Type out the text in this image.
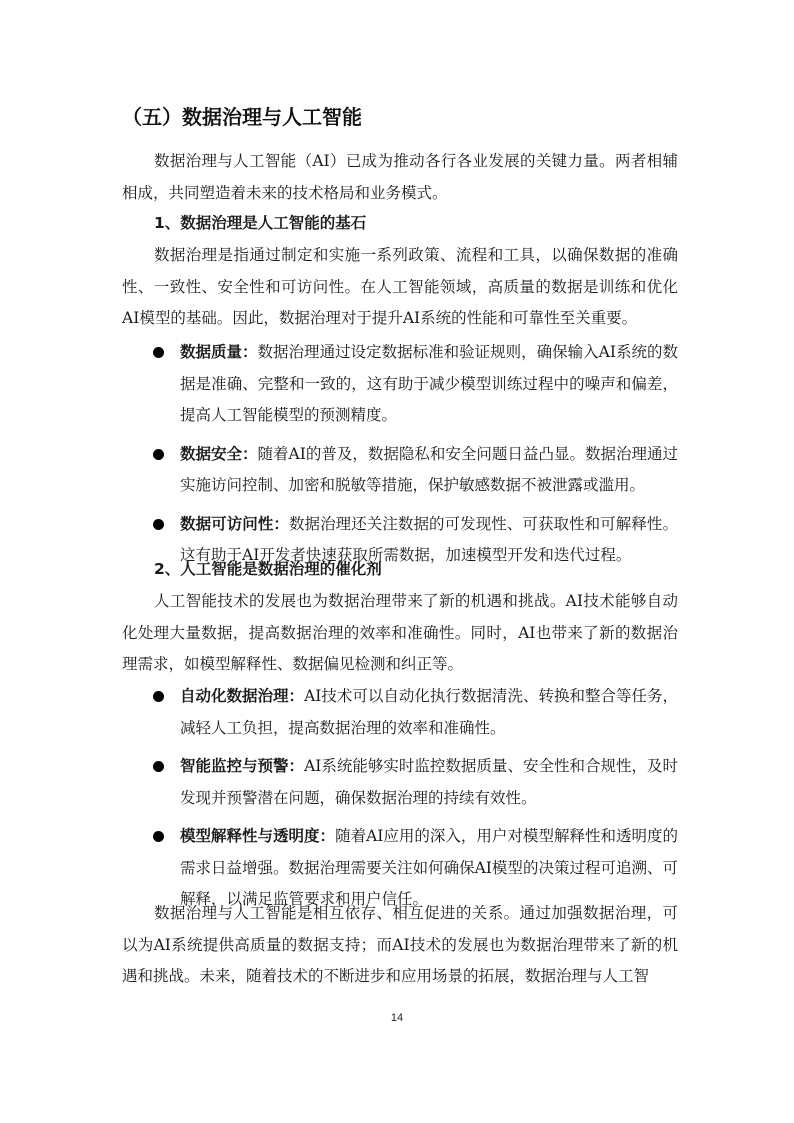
（五）数据治理与人工智能

数据治理与人工智能（AI）已成为推动各行各业发展的关键力量。两者相辅相成，共同塑造着未来的技术格局和业务模式。

1、数据治理是人工智能的基石

数据治理是指通过制定和实施一系列政策、流程和工具，以确保数据的准确性、一致性、安全性和可访问性。在人工智能领域，高质量的数据是训练和优化AI模型的基础。因此，数据治理对于提升AI系统的性能和可靠性至关重要。

数据质量：数据治理通过设定数据标准和验证规则，确保输入AI系统的数据是准确、完整和一致的，这有助于减少模型训练过程中的噪声和偏差，提高人工智能模型的预测精度。
数据安全：随着AI的普及，数据隐私和安全问题日益凸显。数据治理通过实施访问控制、加密和脱敏等措施，保护敏感数据不被泄露或滥用。
数据可访问性：数据治理还关注数据的可发现性、可获取性和可解释性。这有助于AI开发者快速获取所需数据，加速模型开发和迭代过程。

2、人工智能是数据治理的催化剂

人工智能技术的发展也为数据治理带来了新的机遇和挑战。AI技术能够自动化处理大量数据，提高数据治理的效率和准确性。同时，AI也带来了新的数据治理需求，如模型解释性、数据偏见检测和纠正等。

自动化数据治理：AI技术可以自动化执行数据清洗、转换和整合等任务，减轻人工负担，提高数据治理的效率和准确性。
智能监控与预警：AI系统能够实时监控数据质量、安全性和合规性，及时发现并预警潜在问题，确保数据治理的持续有效性。
模型解释性与透明度：随着AI应用的深入，用户对模型解释性和透明度的需求日益增强。数据治理需要关注如何确保AI模型的决策过程可追溯、可解释，以满足监管要求和用户信任。

数据治理与人工智能是相互依存、相互促进的关系。通过加强数据治理，可以为AI系统提供高质量的数据支持；而AI技术的发展也为数据治理带来了新的机遇和挑战。未来，随着技术的不断进步和应用场景的拓展，数据治理与人工智

14
